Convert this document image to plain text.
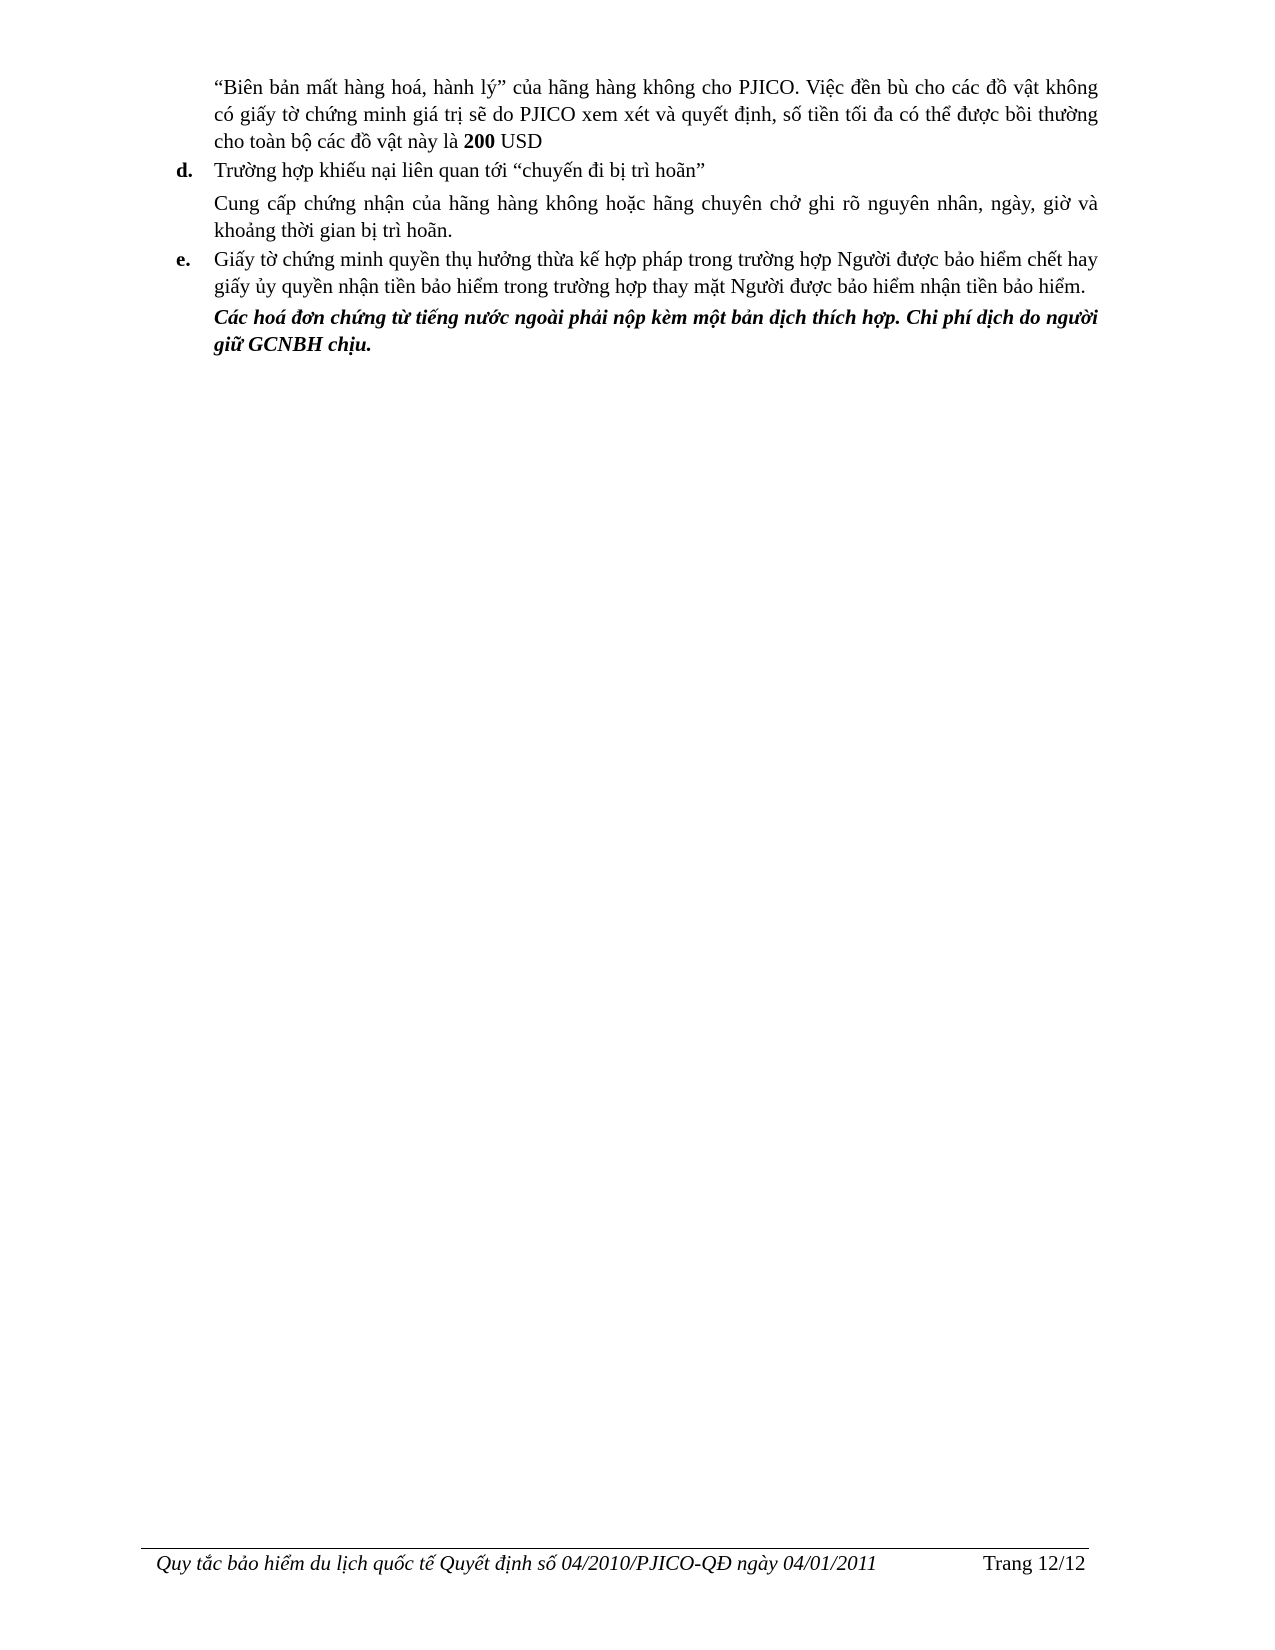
“Biên bản mất hàng hoá, hành lý” của hãng hàng không cho PJICO. Việc đền bù cho các đồ vật không có giấy tờ chứng minh giá trị sẽ do PJICO xem xét và quyết định, số tiền tối đa có thể được bồi thường cho toàn bộ các đồ vật này là 200 USD
d.	Trường hợp khiếu nại liên quan tới “chuyến đi bị trì hoãn”
Cung cấp chứng nhận của hãng hàng không hoặc hãng chuyên chở ghi rõ nguyên nhân, ngày, giờ và khoảng thời gian bị trì hoãn.
e.	Giấy tờ chứng minh quyền thụ hưởng thừa kế hợp pháp trong trường hợp Người được bảo hiểm chết hay giấy ủy quyền nhận tiền bảo hiểm trong trường hợp thay mặt Người được bảo hiểm nhận tiền bảo hiểm.
Các hoá đơn chứng từ tiếng nước ngoài phải nộp kèm một bản dịch thích hợp. Chi phí dịch do người giữ GCNBH chịu.
Quy tắc bảo hiểm du lịch quốc tế Quyết định số 04/2010/PJICO-QĐ ngày 04/01/2011	Trang 12/12
